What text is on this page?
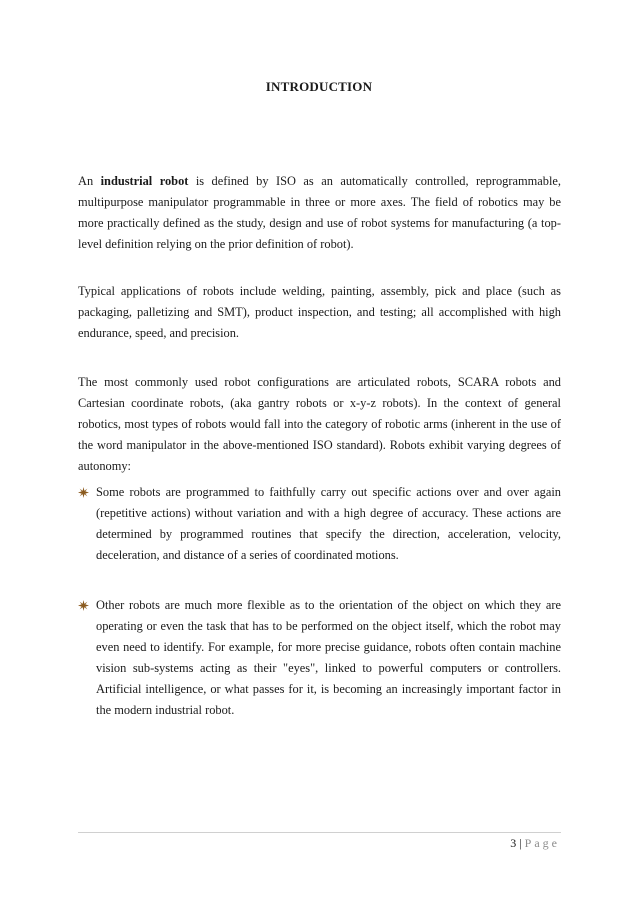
INTRODUCTION
An industrial robot is defined by ISO as an automatically controlled, reprogrammable, multipurpose manipulator programmable in three or more axes. The field of robotics may be more practically defined as the study, design and use of robot systems for manufacturing (a top-level definition relying on the prior definition of robot).
Typical applications of robots include welding, painting, assembly, pick and place (such as packaging, palletizing and SMT), product inspection, and testing; all accomplished with high endurance, speed, and precision.
The most commonly used robot configurations are articulated robots, SCARA robots and Cartesian coordinate robots, (aka gantry robots or x-y-z robots). In the context of general robotics, most types of robots would fall into the category of robotic arms (inherent in the use of the word manipulator in the above-mentioned ISO standard). Robots exhibit varying degrees of autonomy:
Some robots are programmed to faithfully carry out specific actions over and over again (repetitive actions) without variation and with a high degree of accuracy. These actions are determined by programmed routines that specify the direction, acceleration, velocity, deceleration, and distance of a series of coordinated motions.
Other robots are much more flexible as to the orientation of the object on which they are operating or even the task that has to be performed on the object itself, which the robot may even need to identify. For example, for more precise guidance, robots often contain machine vision sub-systems acting as their "eyes", linked to powerful computers or controllers. Artificial intelligence, or what passes for it, is becoming an increasingly important factor in the modern industrial robot.
3 | Page
